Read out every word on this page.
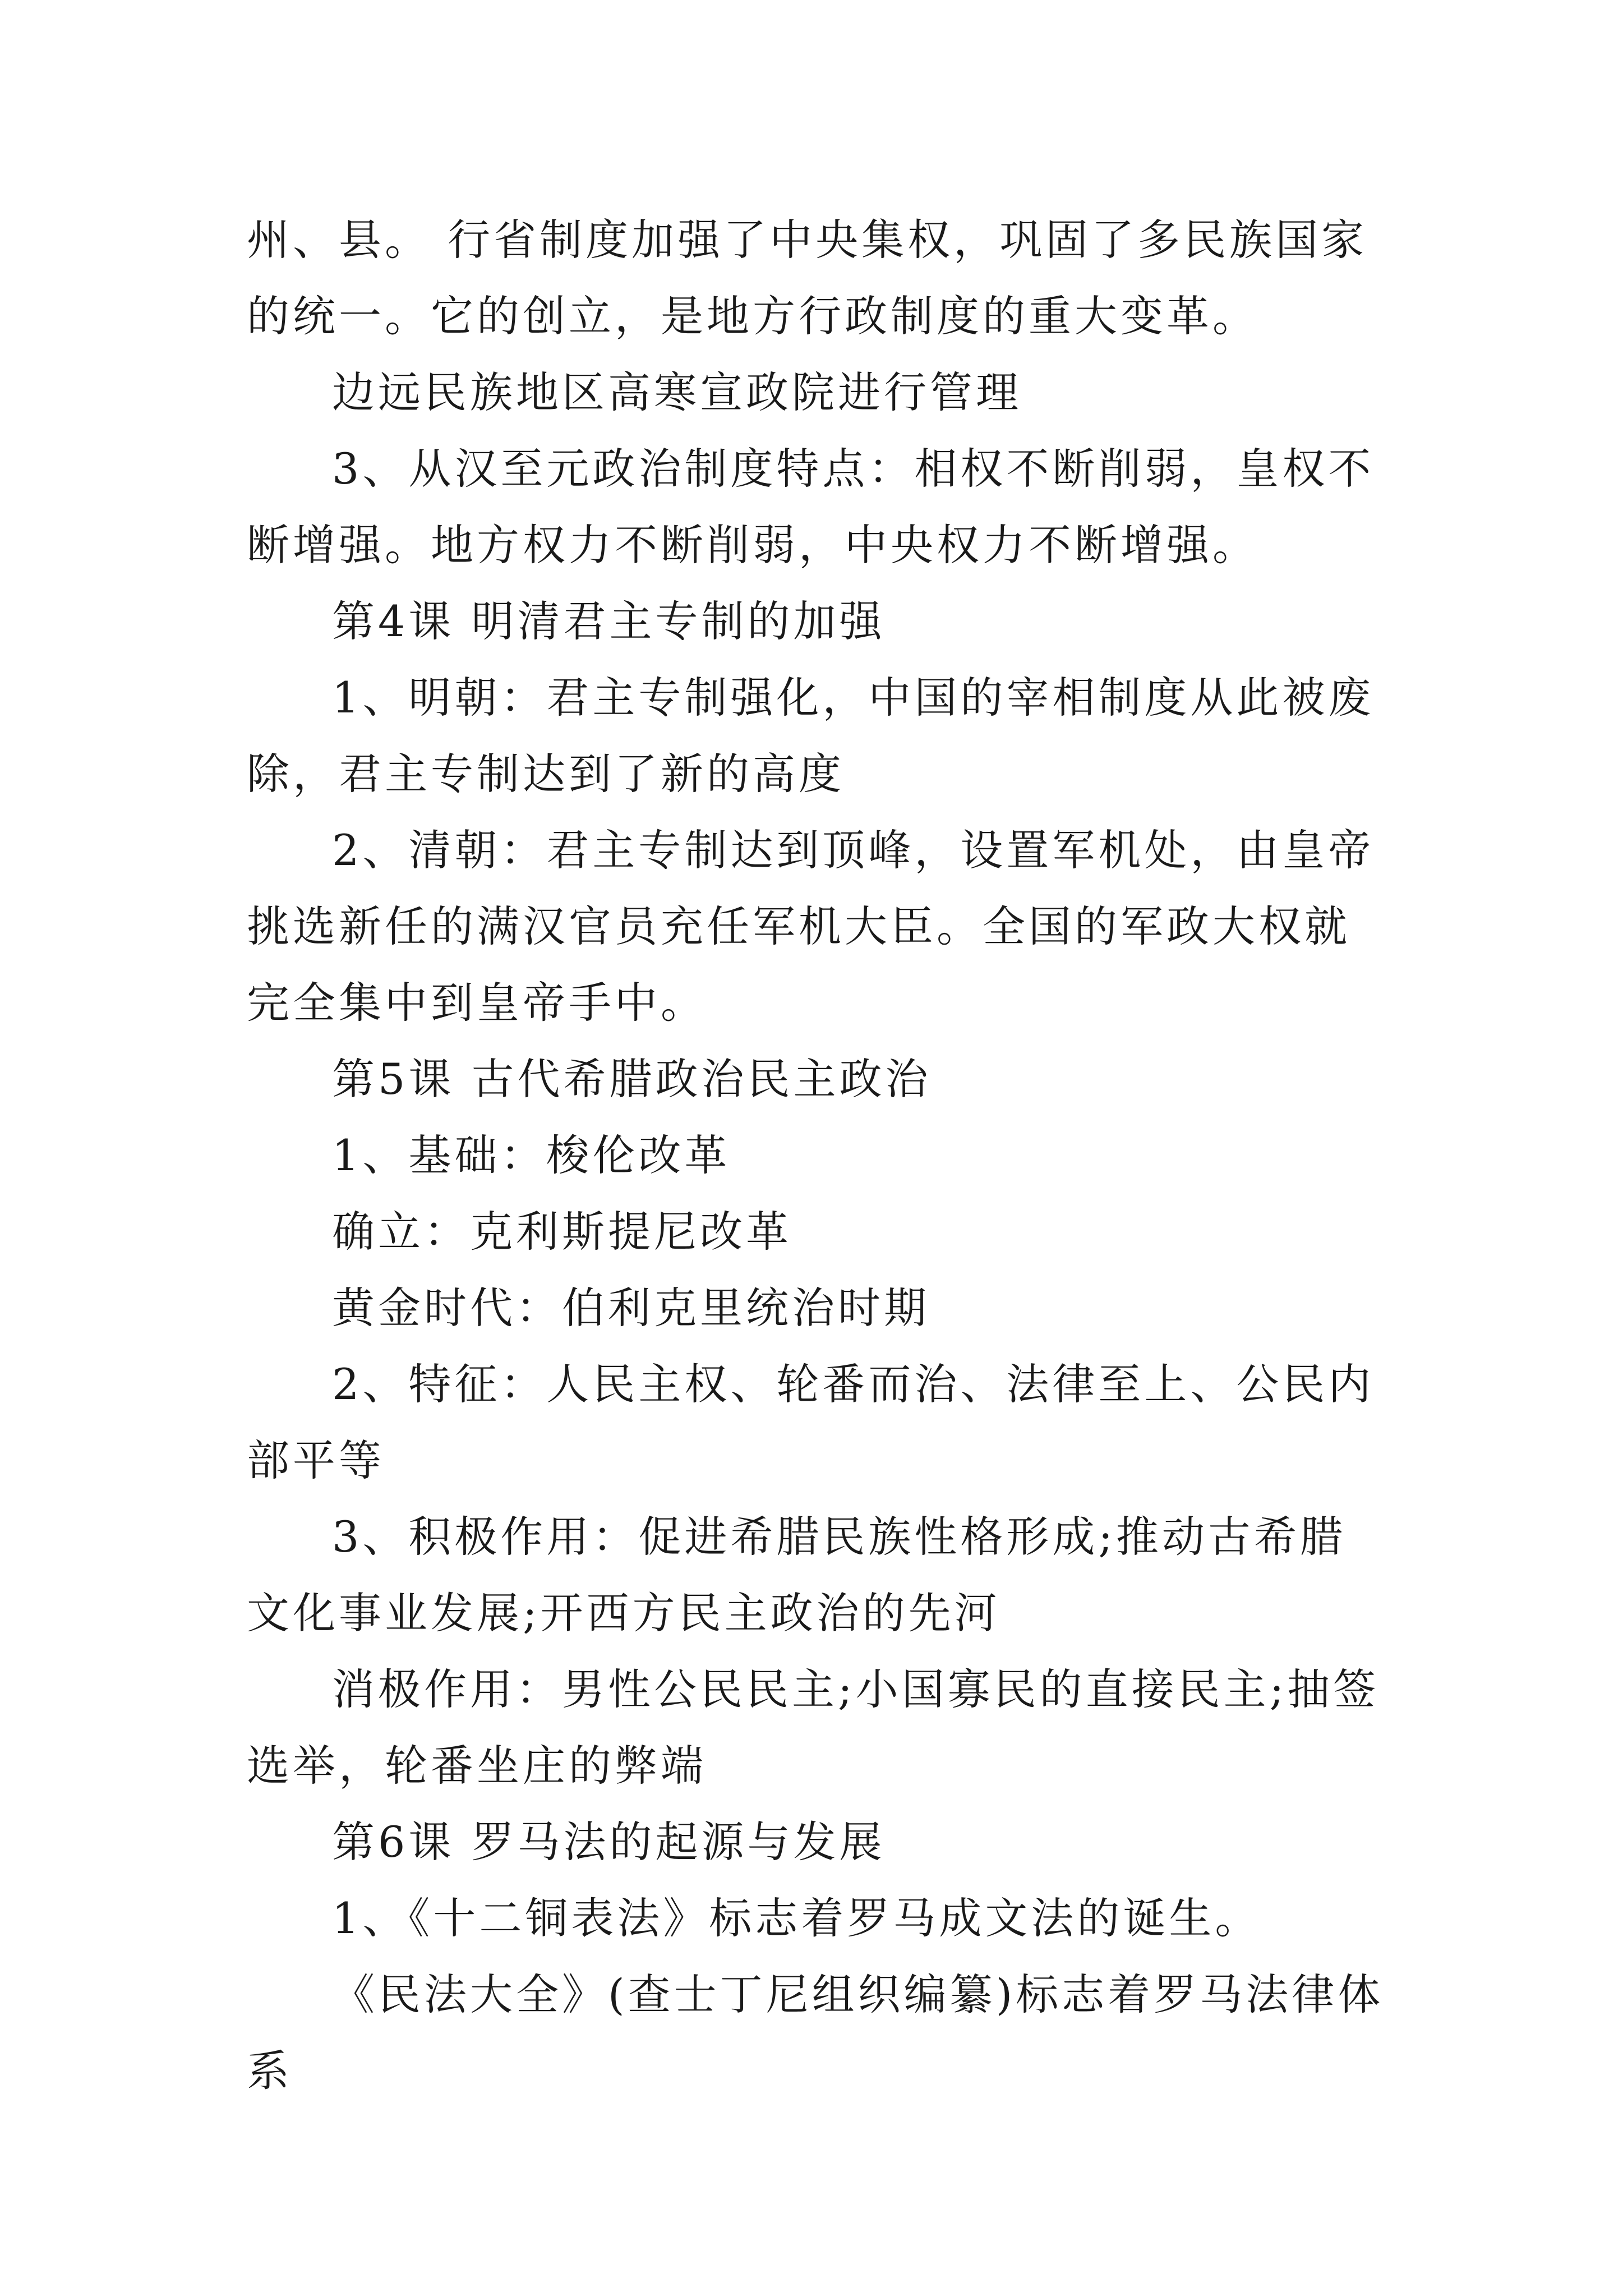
州、县。 行省制度加强了中央集权，巩固了多民族国家的统一。它的创立，是地方行政制度的重大变革。

边远民族地区高寒宣政院进行管理

3、从汉至元政治制度特点：相权不断削弱，皇权不断增强。地方权力不断削弱，中央权力不断增强。

第4课 明清君主专制的加强

1、明朝：君主专制强化，中国的宰相制度从此被废除，君主专制达到了新的高度

2、清朝：君主专制达到顶峰，设置军机处，由皇帝挑选新任的满汉官员充任军机大臣。全国的军政大权就完全集中到皇帝手中。

第5课 古代希腊政治民主政治

1、基础：梭伦改革

确立：克利斯提尼改革

黄金时代：伯利克里统治时期

2、特征：人民主权、轮番而治、法律至上、公民内部平等

3、积极作用：促进希腊民族性格形成;推动古希腊文化事业发展;开西方民主政治的先河

消极作用：男性公民民主;小国寡民的直接民主;抽签选举，轮番坐庄的弊端

第6课 罗马法的起源与发展

1、《十二铜表法》标志着罗马成文法的诞生。

《民法大全》(查士丁尼组织编纂)标志着罗马法律体系
